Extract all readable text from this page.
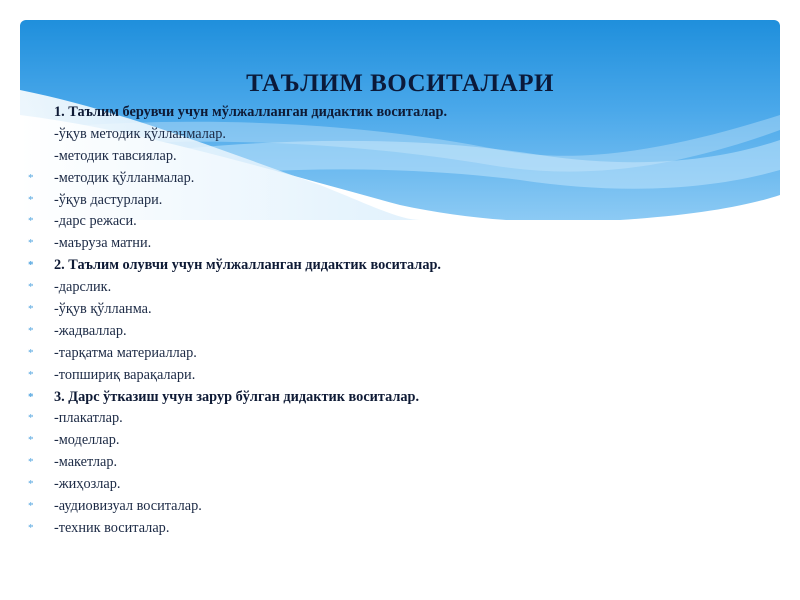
ТАЪЛИМ ВОСИТАЛАРИ
1. Таълим берувчи учун мўлжалланган дидактик воситалар.
-ўқув методик қўлланмалар.
-методик тавсиялар.
* -методик қўлланмалар.
* -ўқув дастурлари.
* -дарс режаси.
* -маъруза матни.
* 2. Таълим олувчи учун мўлжалланган дидактик воситалар.
* -дарслик.
* -ўқув қўлланма.
* -жадваллар.
* -тарқатма материаллар.
* -топшириқ варақалари.
* 3. Дарс ўтказиш учун зарур бўлган дидактик воситалар.
* -плакатлар.
* -моделлар.
* -макетлар.
* -жиҳозлар.
* -аудиовизуал воситалар.
* -техник воситалар.
